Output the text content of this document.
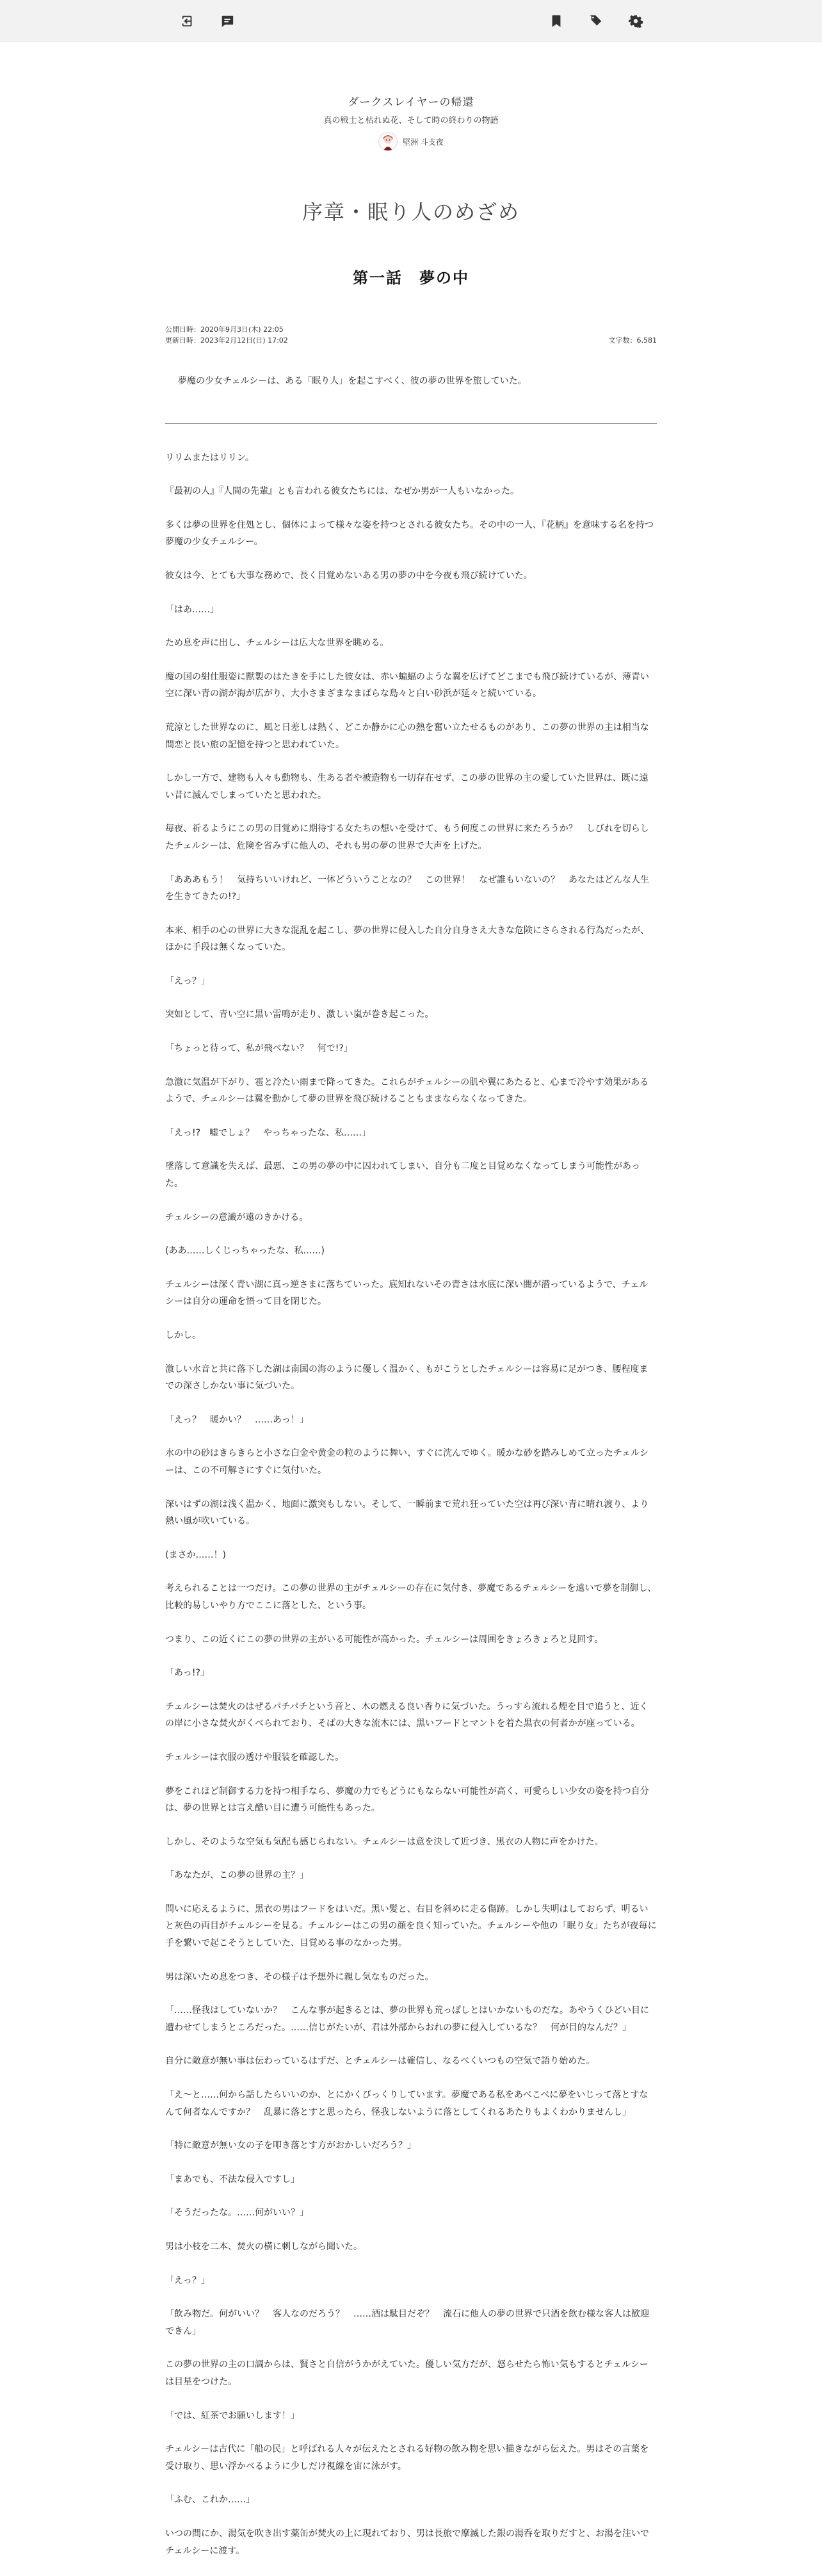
ダークスレイヤーの帰還
真の戦士と枯れぬ花、そして時の終わりの物語
堅洲 斗支夜
序章・眠り人のめざめ
第一話　夢の中
公開日時：2020年9月3日(木) 22:05
更新日時：2023年2月12日(日) 17:02	文字数：6,581
夢魔の少女チェルシーは、ある「眠り人」を起こすべく、彼の夢の世界を旅していた。

リリムまたはリリン。

『最初の人』『人間の先輩』とも言われる彼女たちには、なぜか男が一人もいなかった。

多くは夢の世界を住処とし、個体によって様々な姿を持つとされる彼女たち。その中の一人、『花柄』を意味する名を持つ夢魔の少女チェルシー。

彼女は今、とても大事な務めで、長く目覚めないある男の夢の中を今夜も飛び続けていた。

「はあ……」

ため息を声に出し、チェルシーは広大な世界を眺める。

魔の国の紺仕服姿に獸製のはたきを手にした彼女は、赤い蝙蝠のような翼を広げてどこまでも飛び続けているが、薄青い空に深い青の湖が海が広がり、大小さまざまなまばらな島々と白い砂浜が延々と続いている。

荒涼とした世界なのに、風と日差しは熱く、どこか静かに心の熱を奮い立たせるものがあり、この夢の世界の主は相当な間恋と長い旅の記憶を持つと思われていた。

しかし一方で、建物も人々も動物も、生ある者や被造物も一切存在せず、この夢の世界の主の愛していた世界は、既に遠い昔に滅んでしまっていたと思われた。

毎夜、祈るようにこの男の目覚めに期待する女たちの想いを受けて、もう何度この世界に来たろうか？　しびれを切らしたチェルシーは、危険を省みずに他人の、それも男の夢の世界で大声を上げた。

「あああもう！　気持ちいいけれど、一体どういうことなの？　この世界！　なぜ誰もいないの？　あなたはどんな人生を生きてきたの!?」

本来、相手の心の世界に大きな混乱を起こし、夢の世界に侵入した自分自身さえ大きな危険にさらされる行為だったが、ほかに手段は無くなっていた。

「えっ？」

突如として、青い空に黒い雷鳴が走り、激しい嵐が巻き起こった。

「ちょっと待って、私が飛べない？　何で!?」

急激に気温が下がり、雹と冷たい雨まで降ってきた。これらがチェルシーの肌や翼にあたると、心まで冷やす効果があるようで、チェルシーは翼を動かして夢の世界を飛び続けることもままならなくなってきた。

「えっ!?　嘘でしょ？　やっちゃったな、私……」

墜落して意識を失えば、最悪、この男の夢の中に囚われてしまい、自分も二度と目覚めなくなってしまう可能性があった。

チェルシーの意識が遠のきかける。

(ああ……しくじっちゃったな、私……)

チェルシーは深く青い湖に真っ逆さまに落ちていった。底知れないその青さは水底に深い闇が潜っているようで、チェルシーは自分の運命を悟って目を閉じた。

しかし。

激しい水音と共に落下した湖は南国の海のように優しく温かく、もがこうとしたチェルシーは容易に足がつき、腰程度までの深さしかない事に気づいた。

「えっ？　暖かい？　……あっ！」

水の中の砂はきらきらと小さな白金や黄金の粒のように舞い、すぐに沈んでゆく。暖かな砂を踏みしめて立ったチェルシーは、この不可解さにすぐに気付いた。

深いはずの湖は浅く温かく、地面に激突もしない。そして、一瞬前まで荒れ狂っていた空は再び深い青に晴れ渡り、より熱い風が吹いている。

(まさか……！)

考えられることは一つだけ。この夢の世界の主がチェルシーの存在に気付き、夢魔であるチェルシーを遠いで夢を制御し、比較的易しいやり方でここに落とした、という事。

つまり、この近くにこの夢の世界の主がいる可能性が高かった。チェルシーは周囲をきょろきょろと見回す。

「あっ!?」

チェルシーは焚火のはぜるパチパチという音と、木の燃える良い香りに気づいた。うっすら流れる煙を目で追うと、近くの岸に小さな焚火がくべられており、そばの大きな流木には、黒いフードとマントを着た黒衣の何者かが座っている。

チェルシーは衣服の透けや服装を確認した。

夢をこれほど制御する力を持つ相手なら、夢魔の力でもどうにもならない可能性が高く、可愛らしい少女の姿を持つ自分は、夢の世界とは言え酷い目に遭う可能性もあった。

しかし、そのような空気も気配も感じられない。チェルシーは意を決して近づき、黒衣の人物に声をかけた。

「あなたが、この夢の世界の主？」

問いに応えるように、黒衣の男はフードをはいだ。黒い髪と、右目を斜めに走る傷跡。しかし失明はしておらず、明るいと灰色の両目がチェルシーを見る。チェルシーはこの男の顔を良く知っていた。チェルシーや他の「眠り女」たちが夜毎に手を繋いで起こそうとしていた、目覚める事のなかった男。

男は深いため息をつき、その様子は予想外に親し気なものだった。

「……怪我はしていないか？　こんな事が起きるとは、夢の世界も荒っぽしとはいかないものだな。あやうくひどい目に遭わせてしまうところだった。……信じがたいが、君は外部からおれの夢に侵入しているな？　何が目的なんだ？」

自分に敵意が無い事は伝わっているはずだ、とチェルシーは確信し、なるべくいつもの空気で語り始めた。

「え～と……何から話したらいいのか、とにかくびっくりしています。夢魔である私をあべこべに夢をいじって落とすなんて何者なんですか？　乱暴に落とすと思ったら、怪我しないように落としてくれるあたりもよくわかりませんし」

「特に敵意が無い女の子を叩き落とす方がおかしいだろう？」

「まあでも、不法な侵入ですし」

「そうだったな。……何がいい？」

男は小枝を二本、焚火の横に刺しながら聞いた。

「えっ？」

「飲み物だ。何がいい？　客人なのだろう？　……酒は駄目だぞ？　流石に他人の夢の世界で只酒を飲む様な客人は歓迎できん」

この夢の世界の主の口調からは、賢さと自信がうかがえていた。優しい気方だが、怒らせたら怖い気もするとチェルシーは目星をつけた。

「では、紅茶でお願いします！」

チェルシーは古代に「船の民」と呼ばれる人々が伝えたとされる好物の飲み物を思い描きながら伝えた。男はその言葉を受け取り、思い浮かべるように少しだけ視線を宙に泳がす。

「ふむ、これか……」

いつの間にか、湯気を吹き出す薬缶が焚火の上に現れており、男は長旅で摩滅した銀の湯呑を取りだすと、お湯を注いでチェルシーに渡す。
